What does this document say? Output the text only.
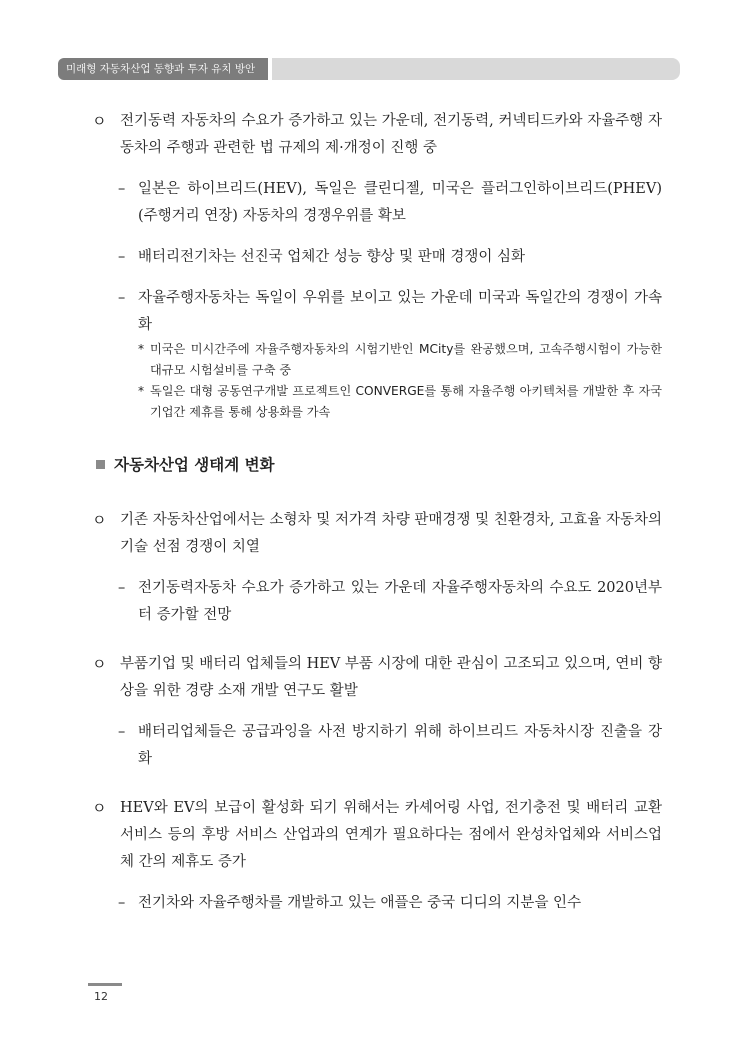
미래형 자동차산업 동향과 투자 유치 방안

ㅇ 전기동력 자동차의 수요가 증가하고 있는 가운데, 전기동력, 커넥티드카와 자율주행 자동차의 주행과 관련한 법 규제의 제·개정이 진행 중

– 일본은 하이브리드(HEV), 독일은 클린디젤, 미국은 플러그인하이브리드(PHEV)(주행거리 연장) 자동차의 경쟁우위를 확보

– 배터리전기차는 선진국 업체간 성능 향상 및 판매 경쟁이 심화

– 자율주행자동차는 독일이 우위를 보이고 있는 가운데 미국과 독일간의 경쟁이 가속화

* 미국은 미시간주에 자율주행자동차의 시험기반인 MCity를 완공했으며, 고속주행시험이 가능한 대규모 시험설비를 구축 중

* 독일은 대형 공동연구개발 프로젝트인 CONVERGE를 통해 자율주행 아키텍처를 개발한 후 자국 기업간 제휴를 통해 상용화를 가속

자동차산업 생태계 변화

ㅇ 기존 자동차산업에서는 소형차 및 저가격 차량 판매경쟁 및 친환경차, 고효율 자동차의 기술 선점 경쟁이 치열

– 전기동력자동차 수요가 증가하고 있는 가운데 자율주행자동차의 수요도 2020년부터 증가할 전망

ㅇ 부품기업 및 배터리 업체들의 HEV 부품 시장에 대한 관심이 고조되고 있으며, 연비 향상을 위한 경량 소재 개발 연구도 활발

– 배터리업체들은 공급과잉을 사전 방지하기 위해 하이브리드 자동차시장 진출을 강화

ㅇ HEV와 EV의 보급이 활성화 되기 위해서는 카셰어링 사업, 전기충전 및 배터리 교환 서비스 등의 후방 서비스 산업과의 연계가 필요하다는 점에서 완성차업체와 서비스업체 간의 제휴도 증가

– 전기차와 자율주행차를 개발하고 있는 애플은 중국 디디의 지분을 인수

12
